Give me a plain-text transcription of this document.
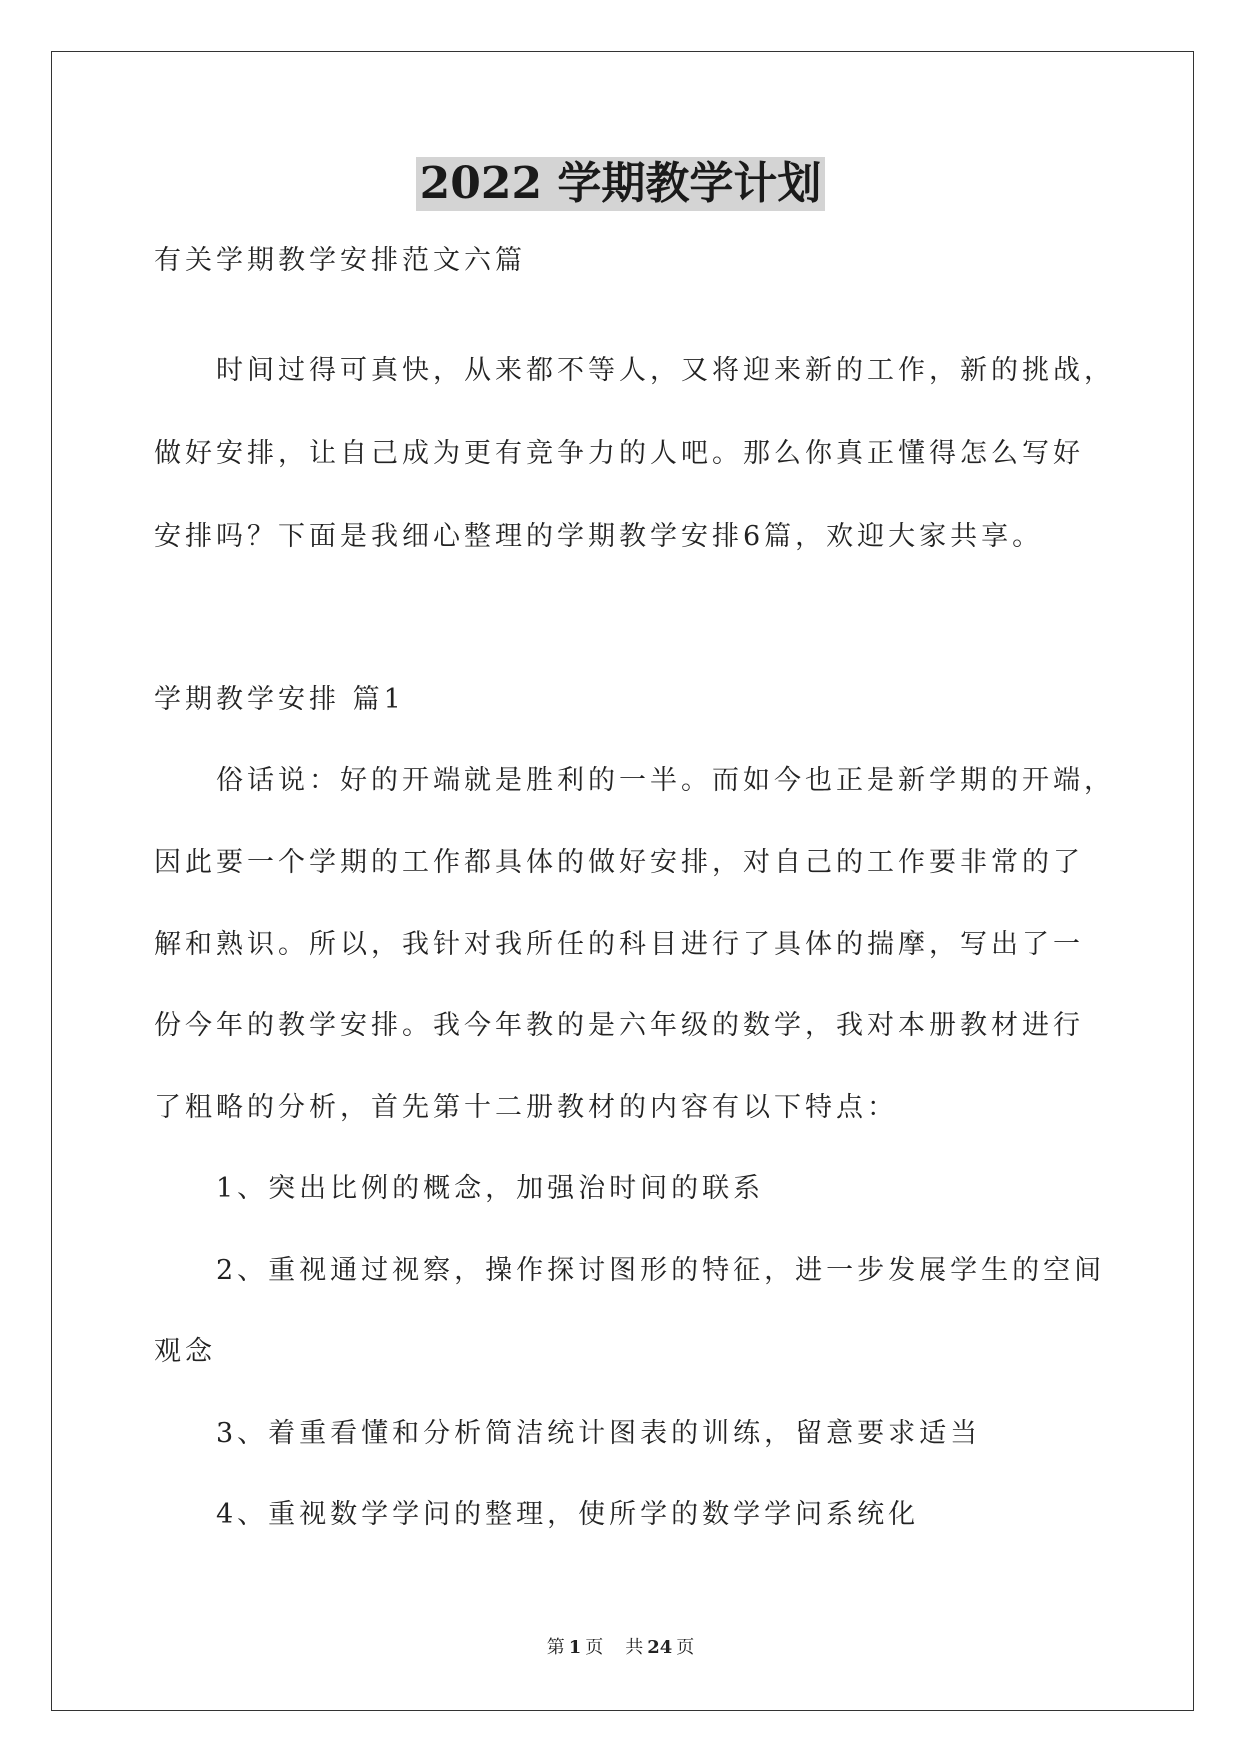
2022 学期教学计划
有关学期教学安排范文六篇
时间过得可真快，从来都不等人，又将迎来新的工作，新的挑战，
做好安排，让自己成为更有竞争力的人吧。那么你真正懂得怎么写好
安排吗？下面是我细心整理的学期教学安排6篇，欢迎大家共享。
学期教学安排 篇1
俗话说：好的开端就是胜利的一半。而如今也正是新学期的开端，
因此要一个学期的工作都具体的做好安排，对自己的工作要非常的了
解和熟识。所以，我针对我所任的科目进行了具体的揣摩，写出了一
份今年的教学安排。我今年教的是六年级的数学，我对本册教材进行
了粗略的分析，首先第十二册教材的内容有以下特点：
1、突出比例的概念，加强治时间的联系
2、重视通过视察，操作探讨图形的特征，进一步发展学生的空间
观念
3、着重看懂和分析简洁统计图表的训练，留意要求适当
4、重视数学学问的整理，使所学的数学学问系统化
第 1 页 共 24 页
